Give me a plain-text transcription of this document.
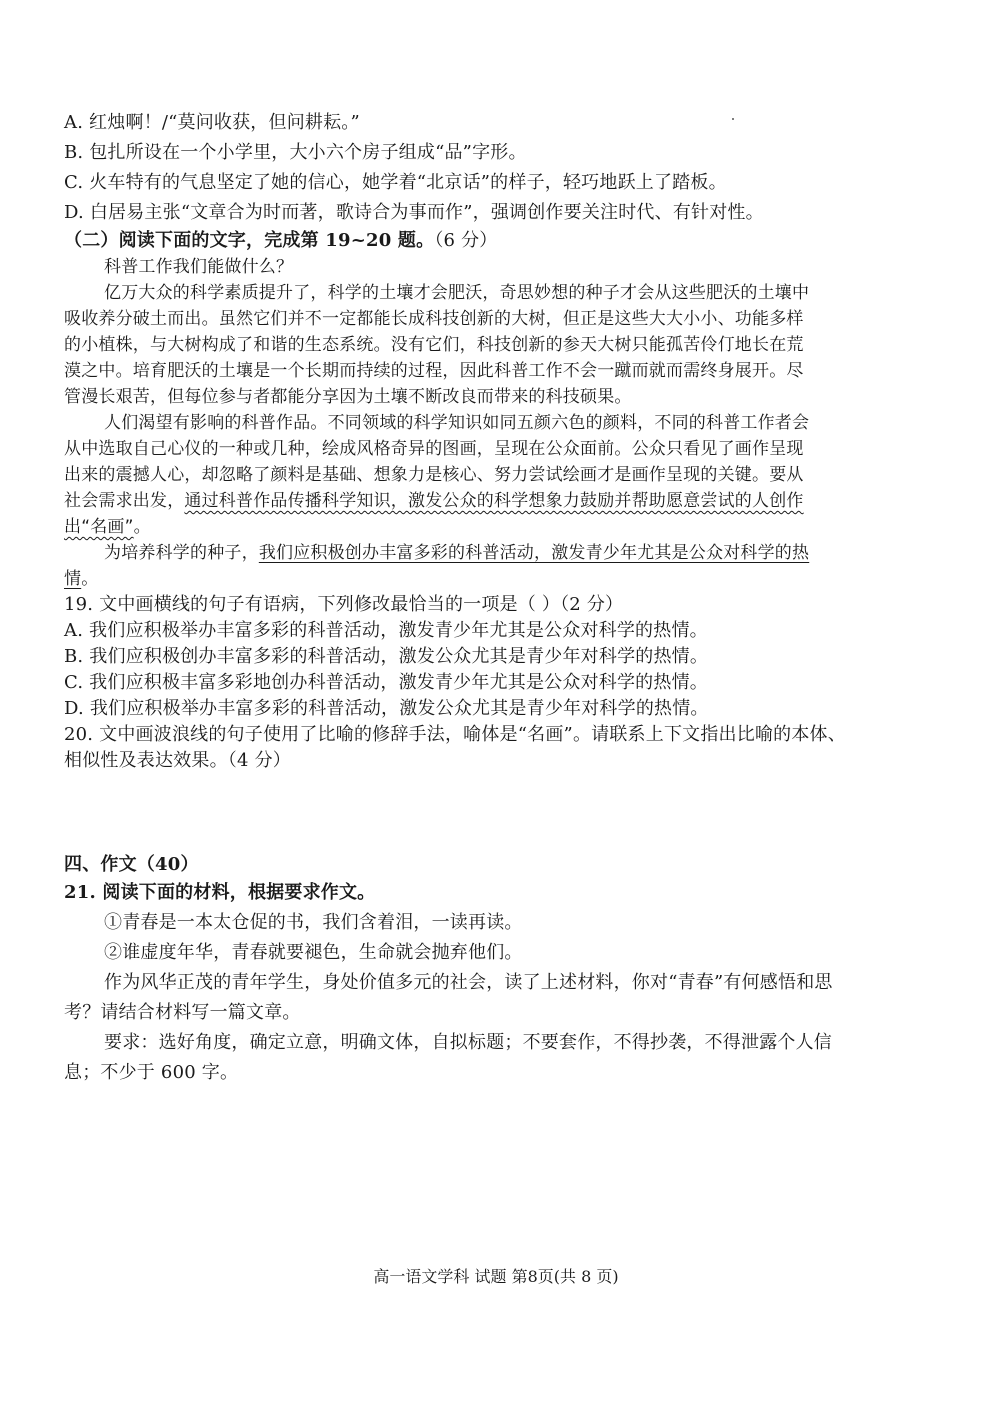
A. 红烛啊！/“莫问收获，但问耕耘。”
B. 包扎所设在一个小学里，大小六个房子组成“品”字形。
C. 火车特有的气息坚定了她的信心，她学着“北京话”的样子，轻巧地跃上了踏板。
D. 白居易主张“文章合为时而著，歌诗合为事而作”，强调创作要关注时代、有针对性。
（二）阅读下面的文字，完成第 19~20 题。（6 分）
科普工作我们能做什么？
亿万大众的科学素质提升了，科学的土壤才会肥沃，奇思妙想的种子才会从这些肥沃的土壤中
吸收养分破土而出。虽然它们并不一定都能长成科技创新的大树，但正是这些大大小小、功能多样
的小植株，与大树构成了和谐的生态系统。没有它们，科技创新的参天大树只能孤苦伶仃地长在荒
漠之中。培育肥沃的土壤是一个长期而持续的过程，因此科普工作不会一蹴而就而需终身展开。尽
管漫长艰苦，但每位参与者都能分享因为土壤不断改良而带来的科技硕果。
人们渴望有影响的科普作品。不同领域的科学知识如同五颜六色的颜料，不同的科普工作者会
从中选取自己心仪的一种或几种，绘成风格奇异的图画，呈现在公众面前。公众只看见了画作呈现
出来的震撼人心，却忽略了颜料是基础、想象力是核心、努力尝试绘画才是画作呈现的关键。要从
社会需求出发，通过科普作品传播科学知识，激发公众的科学想象力鼓励并帮助愿意尝试的人创作
出“名画”。
为培养科学的种子，我们应积极创办丰富多彩的科普活动，激发青少年尤其是公众对科学的热
情。
19. 文中画横线的句子有语病，下列修改最恰当的一项是（ ）（2 分）
A. 我们应积极举办丰富多彩的科普活动，激发青少年尤其是公众对科学的热情。
B. 我们应积极创办丰富多彩的科普活动，激发公众尤其是青少年对科学的热情。
C. 我们应积极丰富多彩地创办科普活动，激发青少年尤其是公众对科学的热情。
D. 我们应积极举办丰富多彩的科普活动，激发公众尤其是青少年对科学的热情。
20. 文中画波浪线的句子使用了比喻的修辞手法，喻体是“名画”。请联系上下文指出比喻的本体、
相似性及表达效果。（4 分）
四、作文（40）
21. 阅读下面的材料，根据要求作文。
①青春是一本太仓促的书，我们含着泪，一读再读。
②谁虚度年华，青春就要褪色，生命就会抛弃他们。
作为风华正茂的青年学生，身处价值多元的社会，读了上述材料，你对“青春”有何感悟和思
考？请结合材料写一篇文章。
要求：选好角度，确定立意，明确文体，自拟标题；不要套作，不得抄袭，不得泄露个人信
息；不少于 600 字。
高一语文学科 试题 第8页(共 8 页)
